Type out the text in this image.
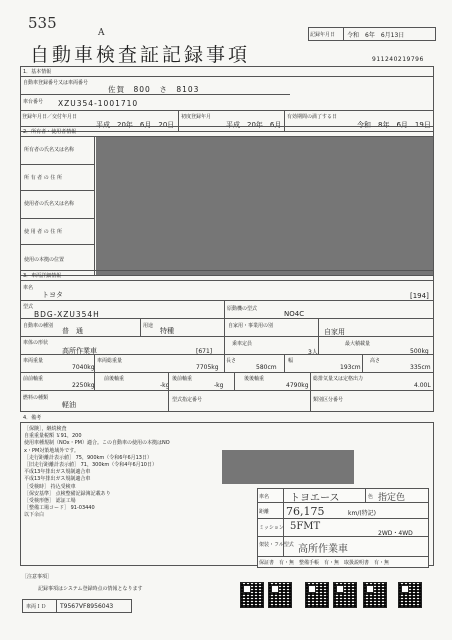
535
A
自動車検査証記録事項
記録年月日 令和　6年　6月13日
911240219796
1．基本情報
自動車登録番号又は車両番号
佐賀　800　さ　8103
車台番号 XZU354-1001710
登録年月日／交付年月日
平成　20年　6月　20日
初度登録年月
平成　20年　6月
有効期間の満了する日
令和　8年　6月　19日
2．所有者・使用者情報
所有者の氏名又は名称
所 有 者 の 住 所
使用者の氏名又は名称
使 用 者 の 住 所
使用の本拠の位置
3．車両詳細情報
車名
トヨタ	[194]
型式
BDG-XZU354H
原動機の型式
NO4C
自動車の種別
普　通
用途
特種
自家用・事業用の別
自家用
車体の形状
高所作業車	[671]
乗車定員
3人
最大積載量
500kg
車両重量
7040kg
車両総重量
7705kg
長さ
580cm
幅
193cm
高さ
335cm
前前軸重
2250kg
前後軸重
-kg
後前軸重
-kg
後後軸重
4790kg
総排気量又は定格出力
4.00L
燃料の種類
軽油
型式指定番号	類別区分番号
4．備考
［保険］，継続検査
自重重量税額 ￥91，200
使用車種規制（NOx・PM）適合。この自動車の使用の本拠はNO
x・PM対策地域外です。
［走行距離計表示値］ 75，900km（令和6年6月13日）
［旧走行距離計表示値］ 71，300km（令和4年6月10日）
平成13年排出ガス規制適合車
平成13年排出ガス規制適合車
［受検時］ 持込受検車
［保安基準］ 点検整備記録簿記載あり
［受検形態］ 認証工場
［整備工場コード］ 91-03440
以下余白
車名 トヨエース	色 指定色
距離 76,175	km/(特記)
ミッション 5FMT
2WD・4WD
架装・フル型式 高所作業車
保証書　有・無　整備手帳　有・無　取扱説明書　有・無
［注意事項］
記録事項はシステム登録時点の情報となります
車両ＩＤ T9567VF8956043
